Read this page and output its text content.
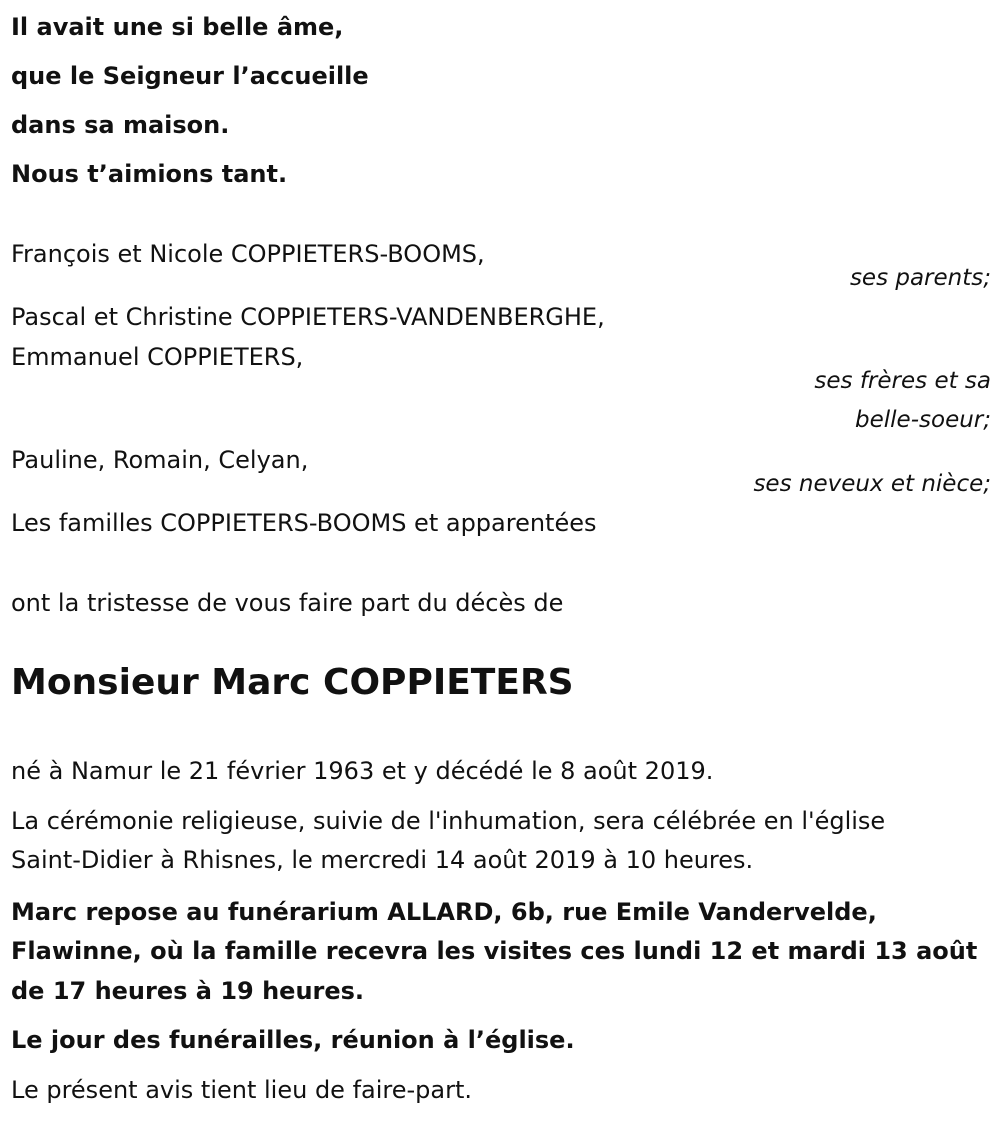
Il avait une si belle âme,
que le Seigneur l’accueille
dans sa maison.
Nous t’aimions tant.
François et Nicole COPPIETERS-BOOMS,
ses parents;
Pascal et Christine COPPIETERS-VANDENBERGHE,
Emmanuel COPPIETERS,
ses frères et sa
belle-soeur;
Pauline, Romain, Celyan,
ses neveux et nièce;
Les familles COPPIETERS-BOOMS et apparentées
ont la tristesse de vous faire part du décès de
Monsieur Marc COPPIETERS
né à Namur le 21 février 1963 et y décédé le 8 août 2019.
La cérémonie religieuse, suivie de l'inhumation, sera célébrée en l'église
Saint-Didier à Rhisnes, le mercredi 14 août 2019 à 10 heures.
Marc repose au funérarium ALLARD, 6b, rue Emile Vandervelde,
Flawinne, où la famille recevra les visites ces lundi 12 et mardi 13 août
de 17 heures à 19 heures.
Le jour des funérailles, réunion à l’église.
Le présent avis tient lieu de faire-part.
